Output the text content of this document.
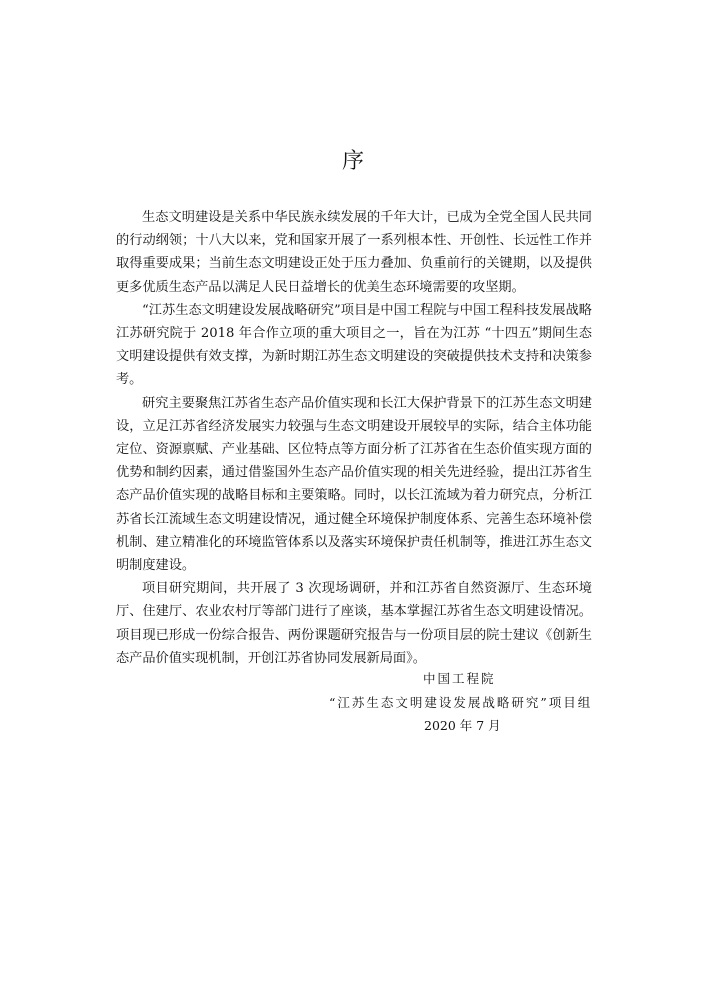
序

生态文明建设是关系中华民族永续发展的千年大计，已成为全党全国人民共同的行动纲领；十八大以来，党和国家开展了一系列根本性、开创性、长远性工作并取得重要成果；当前生态文明建设正处于压力叠加、负重前行的关键期，以及提供更多优质生态产品以满足人民日益增长的优美生态环境需要的攻坚期。

“江苏生态文明建设发展战略研究”项目是中国工程院与中国工程科技发展战略江苏研究院于 2018 年合作立项的重大项目之一，旨在为江苏 “十四五”期间生态文明建设提供有效支撑，为新时期江苏生态文明建设的突破提供技术支持和决策参考。

研究主要聚焦江苏省生态产品价值实现和长江大保护背景下的江苏生态文明建设，立足江苏省经济发展实力较强与生态文明建设开展较早的实际，结合主体功能定位、资源禀赋、产业基础、区位特点等方面分析了江苏省在生态价值实现方面的优势和制约因素，通过借鉴国外生态产品价值实现的相关先进经验，提出江苏省生态产品价值实现的战略目标和主要策略。同时，以长江流域为着力研究点，分析江苏省长江流域生态文明建设情况，通过健全环境保护制度体系、完善生态环境补偿机制、建立精准化的环境监管体系以及落实环境保护责任机制等，推进江苏生态文明制度建设。

项目研究期间，共开展了 3 次现场调研，并和江苏省自然资源厅、生态环境厅、住建厅、农业农村厅等部门进行了座谈，基本掌握江苏省生态文明建设情况。项目现已形成一份综合报告、两份课题研究报告与一份项目层的院士建议《创新生态产品价值实现机制，开创江苏省协同发展新局面》。

中国工程院
“江苏生态文明建设发展战略研究”项目组
2020 年 7 月
